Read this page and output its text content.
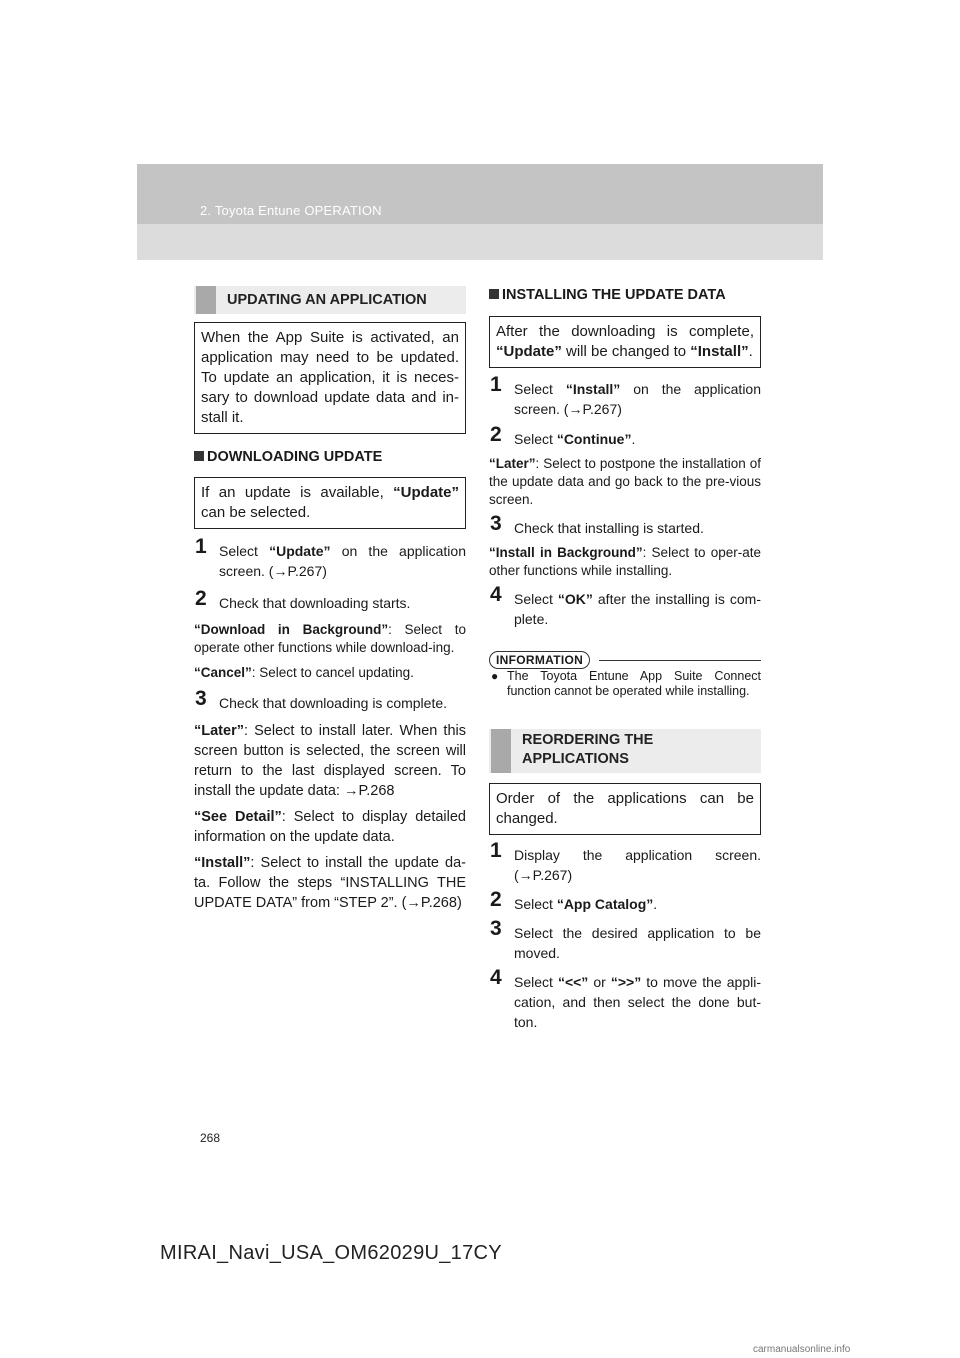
2. Toyota Entune OPERATION
UPDATING AN APPLICATION
When the App Suite is activated, an application may need to be updated. To update an application, it is neces-sary to download update data and in-stall it.
DOWNLOADING UPDATE
If an update is available, “Update” can be selected.
1 Select “Update” on the application screen. (→P.267)
2 Check that downloading starts.
“Download in Background”: Select to operate other functions while download-ing.
“Cancel”: Select to cancel updating.
3 Check that downloading is complete.
“Later”: Select to install later. When this screen button is selected, the screen will return to the last displayed screen. To install the update data: →P.268
“See Detail”: Select to display detailed information on the update data.
“Install”: Select to install the update da-ta. Follow the steps “INSTALLING THE UPDATE DATA” from “STEP 2”. (→P.268)
INSTALLING THE UPDATE DATA
After the downloading is complete, “Update” will be changed to “Install”.
1 Select “Install” on the application screen. (→P.267)
2 Select “Continue”.
“Later”: Select to postpone the installation of the update data and go back to the pre-vious screen.
3 Check that installing is started.
“Install in Background”: Select to oper-ate other functions while installing.
4 Select “OK” after the installing is com-plete.
INFORMATION
● The Toyota Entune App Suite Connect function cannot be operated while installing.
REORDERING THE
APPLICATIONS
Order of the applications can be changed.
1 Display the application screen. (→P.267)
2 Select “App Catalog”.
3 Select the desired application to be moved.
4 Select “<<” or “>>” to move the appli-cation, and then select the done but-ton.
268
MIRAI_Navi_USA_OM62029U_17CY
carmanualsonline.info
